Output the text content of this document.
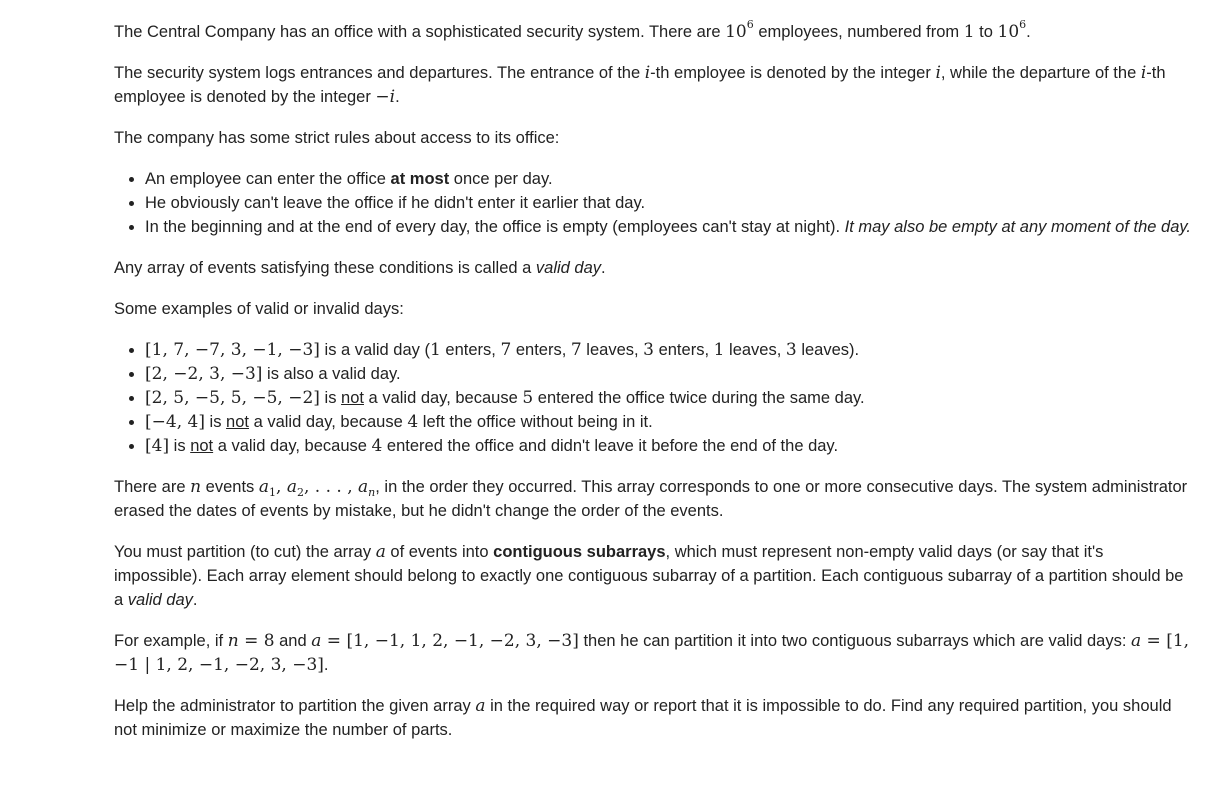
The Central Company has an office with a sophisticated security system. There are $10^6$ employees, numbered from 1 to $10^6$.

The security system logs entrances and departures. The entrance of the i-th employee is denoted by the integer i, while the departure of the i-th employee is denoted by the integer −i.

The company has some strict rules about access to its office:

• An employee can enter the office at most once per day.
• He obviously can't leave the office if he didn't enter it earlier that day.
• In the beginning and at the end of every day, the office is empty (employees can't stay at night). It may also be empty at any moment of the day.

Any array of events satisfying these conditions is called a valid day.

Some examples of valid or invalid days:

• [1, 7, −7, 3, −1, −3] is a valid day (1 enters, 7 enters, 7 leaves, 3 enters, 1 leaves, 3 leaves).
• [2, −2, 3, −3] is also a valid day.
• [2, 5, −5, 5, −5, −2] is not a valid day, because 5 entered the office twice during the same day.
• [−4, 4] is not a valid day, because 4 left the office without being in it.
• [4] is not a valid day, because 4 entered the office and didn't leave it before the end of the day.

There are n events $a_1$, $a_2$, . . . , $a_n$, in the order they occurred. This array corresponds to one or more consecutive days. The system administrator erased the dates of events by mistake, but he didn't change the order of the events.

You must partition (to cut) the array a of events into contiguous subarrays, which must represent non-empty valid days (or say that it's impossible). Each array element should belong to exactly one contiguous subarray of a partition. Each contiguous subarray of a partition should be a valid day.

For example, if n = 8 and a = [1, −1, 1, 2, −1, −2, 3, −3] then he can partition it into two contiguous subarrays which are valid days: a = [1, −1 | 1, 2, −1, −2, 3, −3].

Help the administrator to partition the given array a in the required way or report that it is impossible to do. Find any required partition, you should not minimize or maximize the number of parts.
